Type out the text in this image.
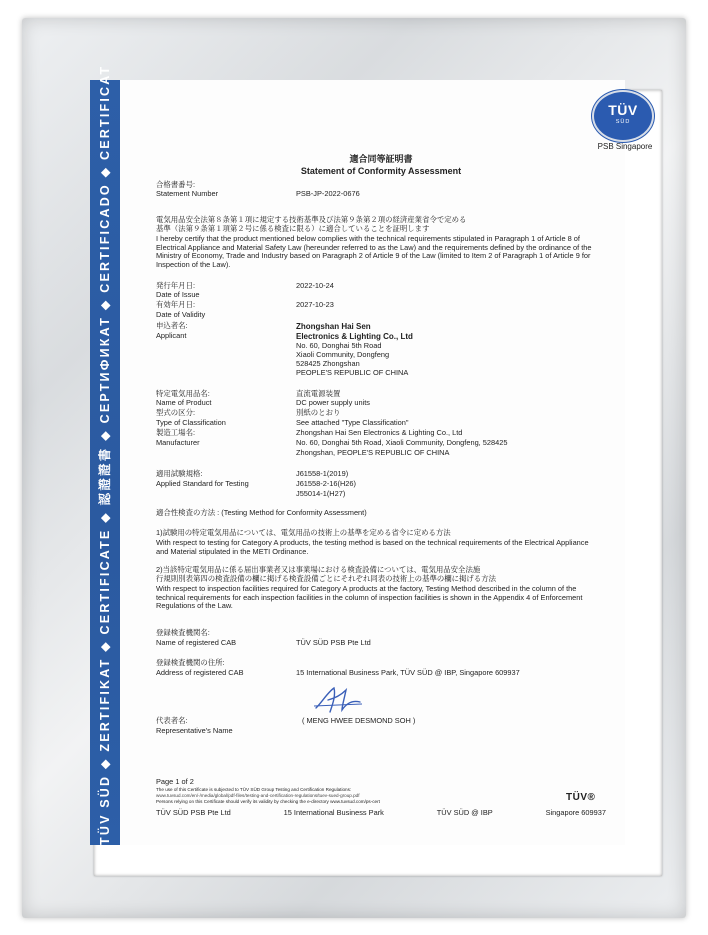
TÜV SÜD ◆ ZERTIFIKAT ◆ CERTIFICATE ◆ 認證證書 ◆ СЕРТИФИКАТ ◆ CERTIFICADO ◆ CERTIFICAT	TÜV
SÜD
PSB Singapore
適合同等証明書
Statement of Conformity Assessment
合格書番号:
Statement Number	PSB-JP-2022-0676
電気用品安全法第８条第１項に規定する技術基準及び法第９条第２項の経済産業省令で定める
基準（法第９条第１項第２号に係る検査に限る）に適合していることを証明します
I hereby certify that the product mentioned below complies with the technical requirements stipulated in Paragraph 1 of Article 8 of Electrical Appliance and Material Safety Law (hereunder referred to as the Law) and the requirements defined by the ordinance of the Ministry of Economy, Trade and Industry based on Paragraph 2 of Article 9 of the Law (limited to Item 2 of Paragraph 1 of Article 9 for Inspection of the Law).
発行年月日:	2022-10-24
Date of Issue
有効年月日:	2027-10-23
Date of Validity
申込者名:
Applicant
Zhongshan Hai Sen
Electronics & Lighting Co., Ltd
No. 60, Donghai 5th Road
Xiaoli Community, Dongfeng
528425 Zhongshan
PEOPLE'S REPUBLIC OF CHINA
特定電気用品名:	直流電源装置
Name of Product	DC power supply units
型式の区分:	別紙のとおり
Type of Classification	See attached "Type Classification"
製造工場名:
Manufacturer
Zhongshan Hai Sen Electronics & Lighting Co., Ltd
No. 60, Donghai 5th Road, Xiaoli Community, Dongfeng, 528425
Zhongshan, PEOPLE'S REPUBLIC OF CHINA
適用試験規格:
Applied Standard for Testing
J61558-1(2019)
J61558-2-16(H26)
J55014-1(H27)
適合性検査の方法 : (Testing Method for Conformity Assessment)
1)試験用の特定電気用品については、電気用品の技術上の基準を定める省令に定める方法
With respect to testing for Category A products, the testing method is based on the technical requirements of the Electrical Appliance and Material stipulated in the METI Ordinance.
2)当該特定電気用品に係る届出事業者又は事業場における検査設備については、電気用品安全法施
行規則別表第四の検査設備の欄に掲げる検査設備ごとにそれぞれ同表の技術上の基準の欄に掲げる方法
With respect to inspection facilities required for Category A products at the factory, Testing Method described in the column of the technical requirements for each inspection facilities in the column of inspection facilities is shown in the Appendix 4 of Enforcement Regulations of the Law.
登録検査機関名:
Name of registered CAB	TÜV SÜD PSB Pte Ltd
登録検査機関の住所:
Address of registered CAB	15 International Business Park, TÜV SÜD @ IBP, Singapore 609937
代表者名:
Representative's Name
( MENG HWEE DESMOND SOH )
Page 1 of 2
The use of this Certificate is subjected to TÜV SÜD Group Testing and Certification Regulations:
www.tuvsud.com/en/-/media/global/pdf-files/testing-and-certification-regulations/tuev-sued-group.pdf
Persons relying on this Certificate should verify its validity by checking the e-directory www.tuvsud.com/ps-cert	TÜV®
TÜV SÜD PSB Pte Ltd	15 International Business Park	TÜV SÜD @ IBP	Singapore 609937
